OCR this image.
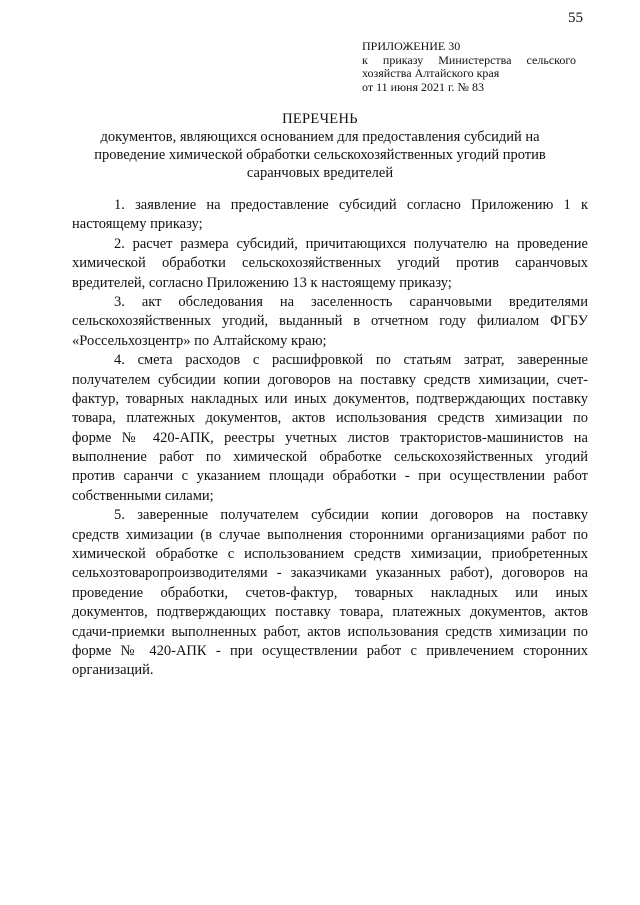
55
ПРИЛОЖЕНИЕ 30
к приказу Министерства сельского
хозяйства Алтайского края
от 11 июня 2021 г. № 83
ПЕРЕЧЕНЬ
документов, являющихся основанием для предоставления субсидий на
проведение химической обработки сельскохозяйственных угодий против
саранчовых вредителей
1. заявление на предоставление субсидий согласно Приложению 1 к
настоящему приказу;
2. расчет размера субсидий, причитающихся получателю на проведение
химической обработки сельскохозяйственных угодий против саранчовых
вредителей, согласно Приложению 13 к настоящему приказу;
3. акт обследования на заселенность саранчовыми вредителями
сельскохозяйственных угодий, выданный в отчетном году филиалом ФГБУ
«Россельхозцентр» по Алтайскому краю;
4. смета расходов с расшифровкой по статьям затрат, заверенные
получателем субсидии копии договоров на поставку средств химизации, счет-
фактур, товарных накладных или иных документов, подтверждающих поставку
товара, платежных документов, актов использования средств химизации по
форме № 420-АПК, реестры учетных листов трактористов-машинистов на
выполнение работ по химической обработке сельскохозяйственных угодий
против саранчи с указанием площади обработки - при осуществлении работ
собственными силами;
5. заверенные получателем субсидии копии договоров на поставку
средств химизации (в случае выполнения сторонними организациями работ по
химической обработке с использованием средств химизации, приобретенных
сельхозтоваропроизводителями - заказчиками указанных работ), договоров на
проведение обработки, счетов-фактур, товарных накладных или иных
документов, подтверждающих поставку товара, платежных документов, актов
сдачи-приемки выполненных работ, актов использования средств химизации по
форме № 420-АПК - при осуществлении работ с привлечением сторонних
организаций.
